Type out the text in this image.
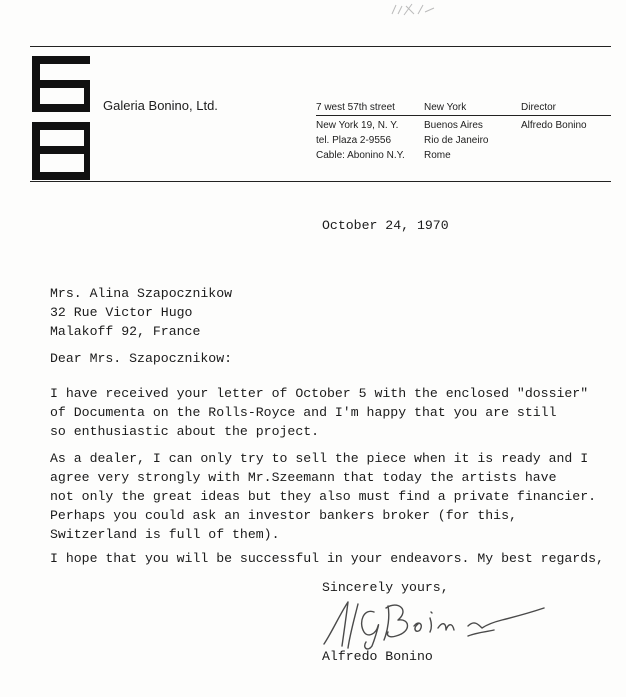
Galeria Bonino, Ltd.	7 west 57th street
New York 19, N. Y.
tel. Plaza 2-9556
Cable: Abonino N.Y.
New York
Buenos Aires
Rio de Janeiro
Rome
Director
Alfredo Bonino
October 24, 1970
Mrs. Alina Szapocznikow
32 Rue Victor Hugo
Malakoff 92, France
Dear Mrs. Szapocznikow:
I have received your letter of October 5 with the enclosed "dossier"
of Documenta on the Rolls-Royce and I'm happy that you are still
so enthusiastic about the project.
As a dealer, I can only try to sell the piece when it is ready and I
agree very strongly with Mr.Szeemann that today the artists have
not only the great ideas but they also must find a private financier.
Perhaps you could ask an investor bankers broker (for this,
Switzerland is full of them).
I hope that you will be successful in your endeavors. My best regards,
Sincerely yours,
Alfredo Bonino
